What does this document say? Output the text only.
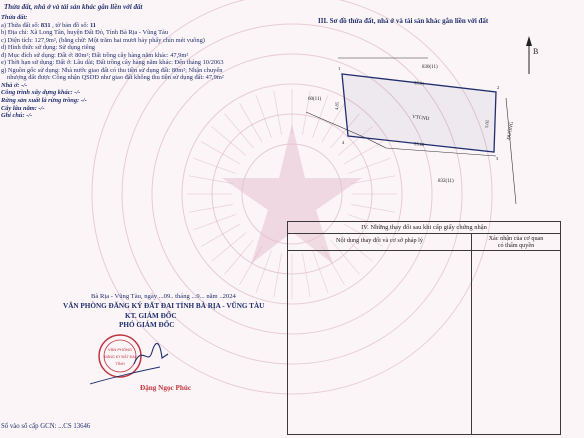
Thửa đất, nhà ở và tài sản khác gắn liền với đất
Thửa đất:
a) Thửa đất số: 831 , tờ bản đồ số: 11
b) Địa chỉ: Xã Long Tân, huyện Đất Đỏ, Tỉnh Bà Rịa - Vũng Tàu
c) Diện tích: 127,9m², (bằng chữ: Một trăm hai mươi bảy phẩy chín mét vuông)
d) Hình thức sử dụng: Sử dụng riêng
đ) Mục đích sử dụng: Đất ở: 80m²; Đất trồng cây hàng năm khác: 47,9m²
e) Thời hạn sử dụng: Đất ở: Lâu dài; Đất trồng cây hàng năm khác: Đến tháng 10/2063
g) Nguồn gốc sử dụng: Nhà nước giao đất có thu tiền sử dụng đất: 80m²; Nhận chuyển
nhượng đất được Công nhận QSDĐ như giao đất không thu tiền sử dụng đất: 47,9m²
Nhà ở: -/-
Công trình xây dựng khác: -/-
Rừng sản xuất là rừng trồng: -/-
Cây lâu năm: -/-
Ghi chú: -/-
III. Sơ đồ thửa đất, nhà ở và tài sản khác gắn liền với đất
B
VTCND
830(11)
60(11)
832(11)
ĐƯỜNG
25.91
25.60
4.85
5.02
1
2
3
4
Bà Rịa - Vũng Tàu, ngày ...09.. tháng ...9... năm ..2024
VĂN PHÒNG ĐĂNG KÝ ĐẤT ĐAI TỈNH BÀ RỊA - VŨNG TÀU
KT. GIÁM ĐỐC
PHÓ GIÁM ĐỐC
VĂN PHÒNG
ĐĂNG KÝ ĐẤT ĐAI
TỈNH
Đặng Ngọc Phúc
Số vào sổ cấp GCN: ...CS 13646
IV. Những thay đổi sau khi cấp giấy chứng nhận
Nội dung thay đổi và cơ sở pháp lý	Xác nhận của cơ quan
có thẩm quyền
